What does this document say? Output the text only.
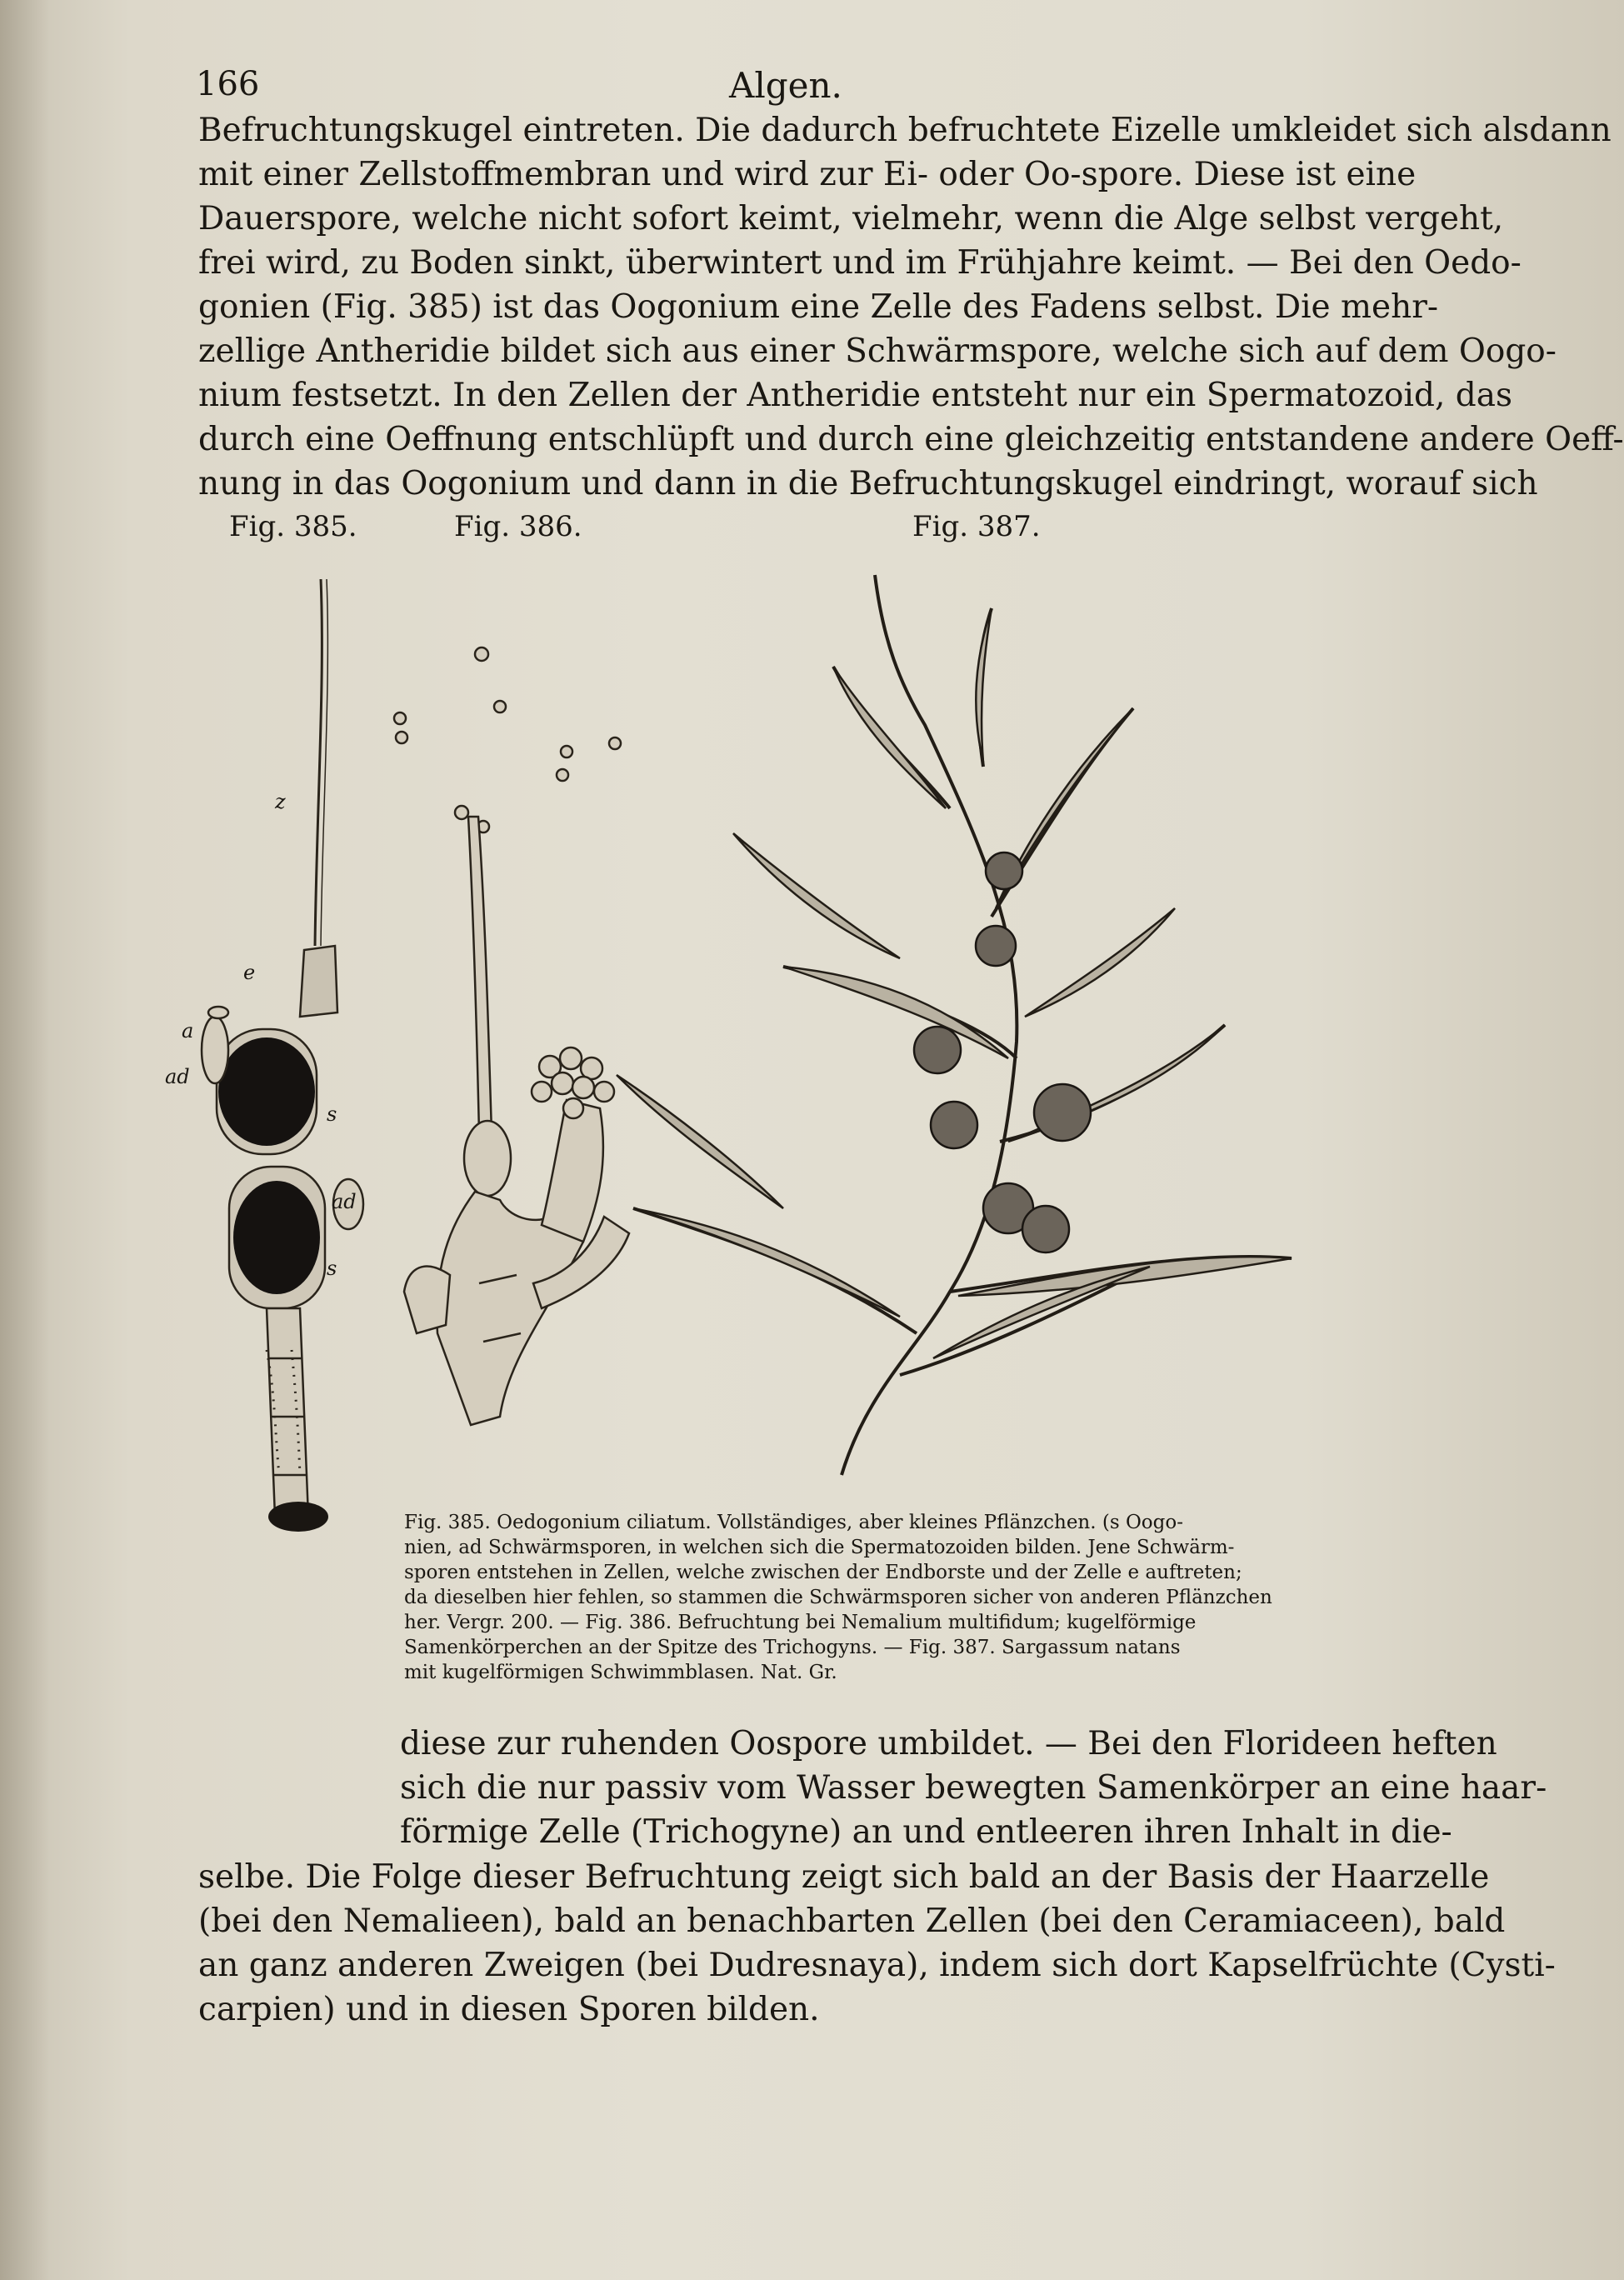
166	Algen.
Befruchtungskugel eintreten. Die dadurch befruchtete Eizelle umkleidet sich alsdann
mit einer Zellstoffmembran und wird zur Ei- oder Oo-spore. Diese ist eine
Dauerspore, welche nicht sofort keimt, vielmehr, wenn die Alge selbst vergeht,
frei wird, zu Boden sinkt, überwintert und im Frühjahre keimt. — Bei den Oedo-
gonien (Fig. 385) ist das Oogonium eine Zelle des Fadens selbst. Die mehr-
zellige Antheridie bildet sich aus einer Schwärmspore, welche sich auf dem Oogo-
nium festsetzt. In den Zellen der Antheridie entsteht nur ein Spermatozoid, das
durch eine Oeffnung entschlüpft und durch eine gleichzeitig entstandene andere Oeff-
nung in das Oogonium und dann in die Befruchtungskugel eindringt, worauf sich
Fig. 385.	Fig. 386.	Fig. 387.
z
e
a
ad
s
ad
s
Fig. 385. Oedogonium ciliatum. Vollständiges, aber kleines Pflänzchen. (s Oogo-
nien, ad Schwärmsporen, in welchen sich die Spermatozoiden bilden. Jene Schwärm-
sporen entstehen in Zellen, welche zwischen der Endborste und der Zelle e auftreten;
da dieselben hier fehlen, so stammen die Schwärmsporen sicher von anderen Pflänzchen
her. Vergr. 200. — Fig. 386. Befruchtung bei Nemalium multifidum; kugelförmige
Samenkörperchen an der Spitze des Trichogyns. — Fig. 387. Sargassum natans
mit kugelförmigen Schwimmblasen. Nat. Gr.
diese zur ruhenden Oospore umbildet. — Bei den Florideen heften
sich die nur passiv vom Wasser bewegten Samenkörper an eine haar-
förmige Zelle (Trichogyne) an und entleeren ihren Inhalt in die-
selbe. Die Folge dieser Befruchtung zeigt sich bald an der Basis der Haarzelle
(bei den Nemalieen), bald an benachbarten Zellen (bei den Ceramiaceen), bald
an ganz anderen Zweigen (bei Dudresnaya), indem sich dort Kapselfrüchte (Cysti-
carpien) und in diesen Sporen bilden.
